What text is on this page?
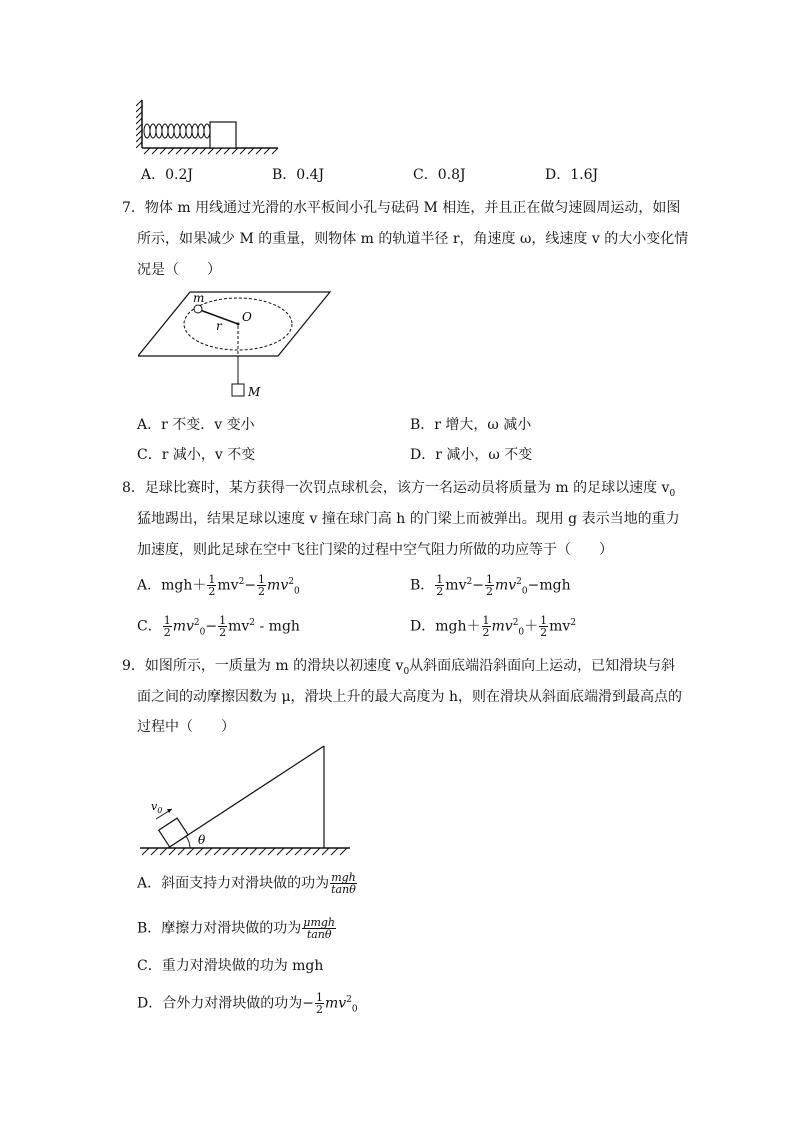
A．0.2J	B．0.4J	C．0.8J	D．1.6J
7．物体 m 用线通过光滑的水平板间小孔与砝码 M 相连，并且正在做匀速圆周运动，如图
所示，如果减少 M 的重量，则物体 m 的轨道半径 r，角速度 ω，线速度 v 的大小变化情
况是（　　）
m
r
O
M
A．r 不变．v 变小	B．r 增大，ω 减小
C．r 减小，v 不变	D．r 减小，ω 不变
8．足球比赛时，某方获得一次罚点球机会，该方一名运动员将质量为 m 的足球以速度 $v_0$
猛地踢出，结果足球以速度 v 撞在球门高 h 的门梁上而被弹出。现用 g 表示当地的重力
加速度，则此足球在空中飞往门梁的过程中空气阻力所做的功应等于（　　）
A．$mgh+ \frac{1}{2} mv^2- \frac{1}{2} mv^2_0$	B． $\frac{1}{2} mv^2- \frac{1}{2} mv^2_0-mgh$
C． $\frac{1}{2} mv^2_0- \frac{1}{2} mv^2$ - mgh	D．$mgh+ \frac{1}{2} mv^2_0+ \frac{1}{2} mv^2$
9．如图所示，一质量为 m 的滑块以初速度 $v_0$从斜面底端沿斜面向上运动，已知滑块与斜
面之间的动摩擦因数为 μ，滑块上升的最大高度为 h，则在滑块从斜面底端滑到最高点的
过程中（　　）
$v_0$
θ
A．斜面支持力对滑块做的功为 $\frac{\text{mgh}}{\tan\theta}$
B．摩擦力对滑块做的功为 $\frac{\text{μmgh}}{\tan\theta}$
C．重力对滑块做的功为 mgh
D．合外力对滑块做的功为− $\frac{1}{2} mv^2_0$
